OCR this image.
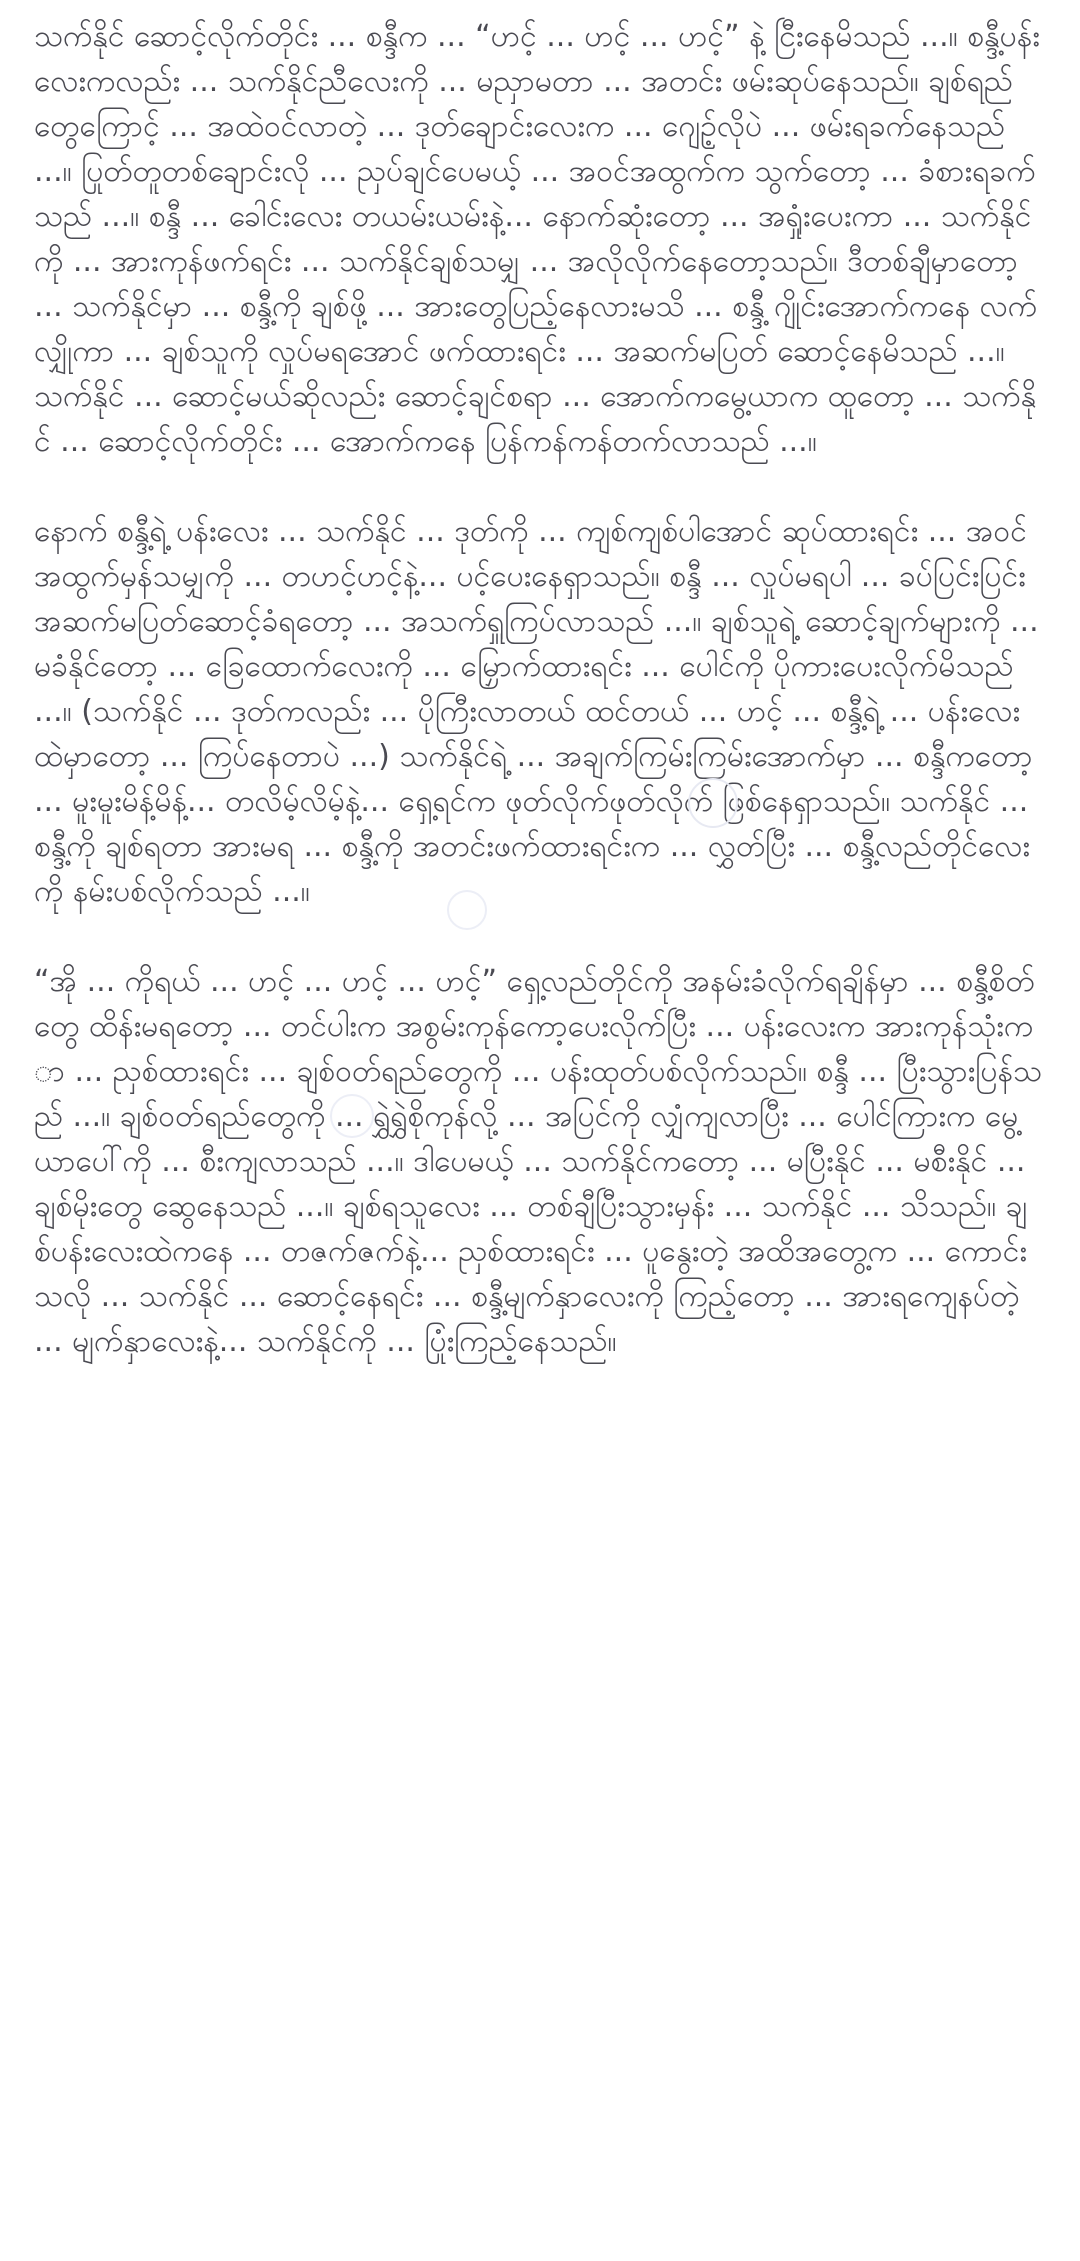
သက်နိုင် ဆောင့်လိုက်တိုင်း ... စန္ဒီက ... “ဟင့် ... ဟင့် ... ဟင့်” နဲ့ ငြီးနေမိသည် ...။ စန္ဒီ့ပန်းလေးကလည်း ... သက်နိုင်ညီလေးကို ... မညှာမတာ ... အတင်း ဖမ်းဆုပ်နေသည်။ ချစ်ရည်တွေကြောင့် ... အထဲဝင်လာတဲ့ ... ဒုတ်ချောင်းလေးက ... ဂျေဉ့်လိုပဲ ... ဖမ်းရခက်နေသည် ...။ ပြုတ်တူတစ်ချောင်းလို ... ညှပ်ချင်ပေမယ့် ... အဝင်အထွက်က သွက်တော့ ... ခံစားရခက်သည် ...။ စန္ဒီ ... ခေါင်းလေး တယမ်းယမ်းနဲ့... နောက်ဆုံးတော့ ... အရှုံးပေးကာ ... သက်နိုင်ကို ... အားကုန်ဖက်ရင်း ... သက်နိုင်ချစ်သမျှ ... အလိုလိုက်နေတော့သည်။ ဒီတစ်ချီမှာတော့ ... သက်နိုင်မှာ ... စန္ဒီ့ကို ချစ်ဖို့ ... အားတွေပြည့်နေလားမသိ ... စန္ဒီ့ ဂျိုင်းအောက်ကနေ လက်လျှိုကာ ... ချစ်သူကို လှုပ်မရအောင် ဖက်ထားရင်း ... အဆက်မပြတ် ဆောင့်နေမိသည် ...။ သက်နိုင် ... ဆောင့်မယ်ဆိုလည်း ဆောင့်ချင်စရာ ... အောက်ကမွေ့ယာက ထူတော့ ... သက်နိုင် ... ဆောင့်လိုက်တိုင်း ... အောက်ကနေ ပြန်ကန်ကန်တက်လာသည် ...။

နောက် စန္ဒီ့ရဲ့ ပန်းလေး ... သက်နိုင် ... ဒုတ်ကို ... ကျစ်ကျစ်ပါအောင် ဆုပ်ထားရင်း ... အဝင်အထွက်မှန်သမျှကို ... တဟင့်ဟင့်နဲ့... ပင့်ပေးနေရှာသည်။ စန္ဒီ ... လှုပ်မရပါ ... ခပ်ပြင်းပြင်း အဆက်မပြတ်ဆောင့်ခံရတော့ ... အသက်ရှူကြပ်လာသည် ...။ ချစ်သူရဲ့ ဆောင့်ချက်များကို ... မခံနိုင်တော့ ... ခြေထောက်လေးကို ... မြှောက်ထားရင်း ... ပေါင်ကို ပိုကားပေးလိုက်မိသည် ...။ (သက်နိုင် ... ဒုတ်ကလည်း ... ပိုကြီးလာတယ် ထင်တယ် ... ဟင့် ... စန္ဒီ့ရဲ့ ... ပန်းလေးထဲမှာတော့ ... ကြပ်နေတာပဲ ...) သက်နိုင်ရဲ့ ... အချက်ကြမ်းကြမ်းအောက်မှာ ... စန္ဒီကတော့ ... မူးမူးမိန့်မိန့်... တလိမ့်လိမ့်နဲ့... ရှေ့ရင်က ဖုတ်လိုက်ဖုတ်လိုက် ဖြစ်နေရှာသည်။ သက်နိုင် ... စန္ဒီ့ကို ချစ်ရတာ အားမရ ... စန္ဒီ့ကို အတင်းဖက်ထားရင်းက ... လွှတ်ပြီး ... စန္ဒီ့လည်တိုင်လေးကို နမ်းပစ်လိုက်သည် ...။

“အို ... ကိုရယ် ... ဟင့် ... ဟင့် ... ဟင့်” ရှေ့လည်တိုင်ကို အနမ်းခံလိုက်ရချိန်မှာ ... စန္ဒီ့စိတ်တွေ ထိန်းမရတော့ ... တင်ပါးက အစွမ်းကုန်ကော့ပေးလိုက်ပြီး ... ပန်းလေးက အားကုန်သုံးကာ ... ညှစ်ထားရင်း ... ချစ်ဝတ်ရည်တွေကို ... ပန်းထုတ်ပစ်လိုက်သည်။ စန္ဒီ ... ပြီးသွားပြန်သည် ...။ ချစ်ဝတ်ရည်တွေကို ... ရွှဲရွှဲစိုကုန်လို့ ... အပြင်ကို လျှံကျလာပြီး ... ပေါင်ကြားက မွေ့ယာပေါ်ကို ... စီးကျလာသည် ...။ ဒါပေမယ့် ... သက်နိုင်ကတော့ ... မပြီးနိုင် ... မစီးနိုင် ... ချစ်မိုးတွေ ဆွေနေသည် ...။ ချစ်ရသူလေး ... တစ်ချီပြီးသွားမှန်း ... သက်နိုင် ... သိသည်။ ချစ်ပန်းလေးထဲကနေ ... တဇက်ဇက်နဲ့... ညှစ်ထားရင်း ... ပူနွေးတဲ့ အထိအတွေ့က ... ကောင်းသလို ... သက်နိုင် ... ဆောင့်နေရင်း ... စန္ဒီ့မျက်နှာလေးကို ကြည့်တော့ ... အားရကျေနပ်တဲ့ ... မျက်နှာလေးနဲ့... သက်နိုင်ကို ... ပြုံးကြည့်နေသည်။
